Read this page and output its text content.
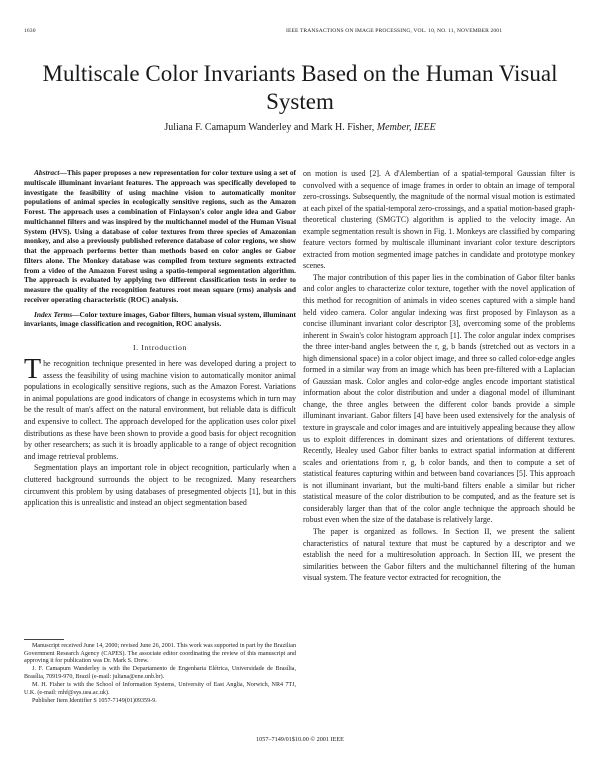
1630	IEEE TRANSACTIONS ON IMAGE PROCESSING, VOL. 10, NO. 11, NOVEMBER 2001
Multiscale Color Invariants Based on the Human Visual System
Juliana F. Camapum Wanderley and Mark H. Fisher, Member, IEEE

Abstract—This paper proposes a new representation for color texture using a set of multiscale illuminant invariant features. The approach was specifically developed to investigate the feasibility of using machine vision to automatically monitor populations of animal species in ecologically sensitive regions, such as the Amazon Forest. The approach uses a combination of Finlayson's color angle idea and Gabor multichannel filters and was inspired by the multichannel model of the Human Visual System (HVS). Using a database of color textures from three species of Amazonian monkey, and also a previously published reference database of color regions, we show that the approach performs better than methods based on color angles or Gabor filters alone. The Monkey database was compiled from texture segments extracted from a video of the Amazon Forest using a spatio-temporal segmentation algorithm. The approach is evaluated by applying two different classification tests in order to measure the quality of the recognition features root mean square (rms) analysis and receiver operating characteristic (ROC) analysis.

Index Terms—Color texture images, Gabor filters, human visual system, illuminant invariants, image classification and recognition, ROC analysis.

I. Introduction

The recognition technique presented in here was developed during a project to assess the feasibility of using machine vision to automatically monitor animal populations in ecologically sensitive regions, such as the Amazon Forest. Variations in animal populations are good indicators of change in ecosystems which in turn may be the result of man's affect on the natural environment, but reliable data is difficult and expensive to collect. The approach developed for the application uses color pixel distributions as these have been shown to provide a good basis for object recognition by other researchers; as such it is broadly applicable to a range of object recognition and image retrieval problems.

Segmentation plays an important role in object recognition, particularly when a cluttered background surrounds the object to be recognized. Many researchers circumvent this problem by using databases of presegmented objects [1], but in this application this is unrealistic and instead an object segmentation based

Manuscript received June 14, 2000; revised June 26, 2001. This work was supported in part by the Brazilian Government Research Agency (CAPES). The associate editor coordinating the review of this manuscript and approving it for publication was Dr. Mark S. Drew.

J. F. Camapum Wanderley is with the Departamento de Engenharia Elétrica, Universidade de Brasília, Brasília, 70919-970, Brazil (e-mail: juliana@ene.unb.br).

M. H. Fisher is with the School of Information Systems, University of East Anglia, Norwich, NR4 7TJ, U.K. (e-mail: mhf@sys.uea.ac.uk).

Publisher Item Identifier S 1057-7149(01)09359-9.

on motion is used [2]. A d'Alembertian of a spatial-temporal Gaussian filter is convolved with a sequence of image frames in order to obtain an image of temporal zero-crossings. Subsequently, the magnitude of the normal visual motion is estimated at each pixel of the spatial-temporal zero-crossings, and a spatial motion-based graph-theoretical clustering (SMGTC) algorithm is applied to the velocity image. An example segmentation result is shown in Fig. 1. Monkeys are classified by comparing feature vectors formed by multiscale illuminant invariant color texture descriptors extracted from motion segmented image patches in candidate and prototype monkey scenes.

The major contribution of this paper lies in the combination of Gabor filter banks and color angles to characterize color texture, together with the novel application of this method for recognition of animals in video scenes captured with a simple hand held video camera. Color angular indexing was first proposed by Finlayson as a concise illuminant invariant color descriptor [3], overcoming some of the problems inherent in Swain's color histogram approach [1]. The color angular index comprises the three inter-band angles between the r, g, b bands (stretched out as vectors in a high dimensional space) in a color object image, and three so called color-edge angles formed in a similar way from an image which has been pre-filtered with a Laplacian of Gaussian mask. Color angles and color-edge angles encode important statistical information about the color distribution and under a diagonal model of illuminant change, the three angles between the different color bands provide a simple illuminant invariant. Gabor filters [4] have been used extensively for the analysis of texture in grayscale and color images and are intuitively appealing because they allow us to exploit differences in dominant sizes and orientations of different textures. Recently, Healey used Gabor filter banks to extract spatial information at different scales and orientations from r, g, b color bands, and then to compute a set of statistical features capturing within and between band covariances [5]. This approach is not illuminant invariant, but the multi-band filters enable a similar but richer statistical measure of the color distribution to be computed, and as the feature set is considerably larger than that of the color angle technique the approach should be robust even when the size of the database is relatively large.

The paper is organized as follows. In Section II, we present the salient characteristics of natural texture that must be captured by a descriptor and we establish the need for a multiresolution approach. In Section III, we present the similarities between the Gabor filters and the multichannel filtering of the human visual system. The feature vector extracted for recognition, the

1057–7149/01$10.00 © 2001 IEEE
